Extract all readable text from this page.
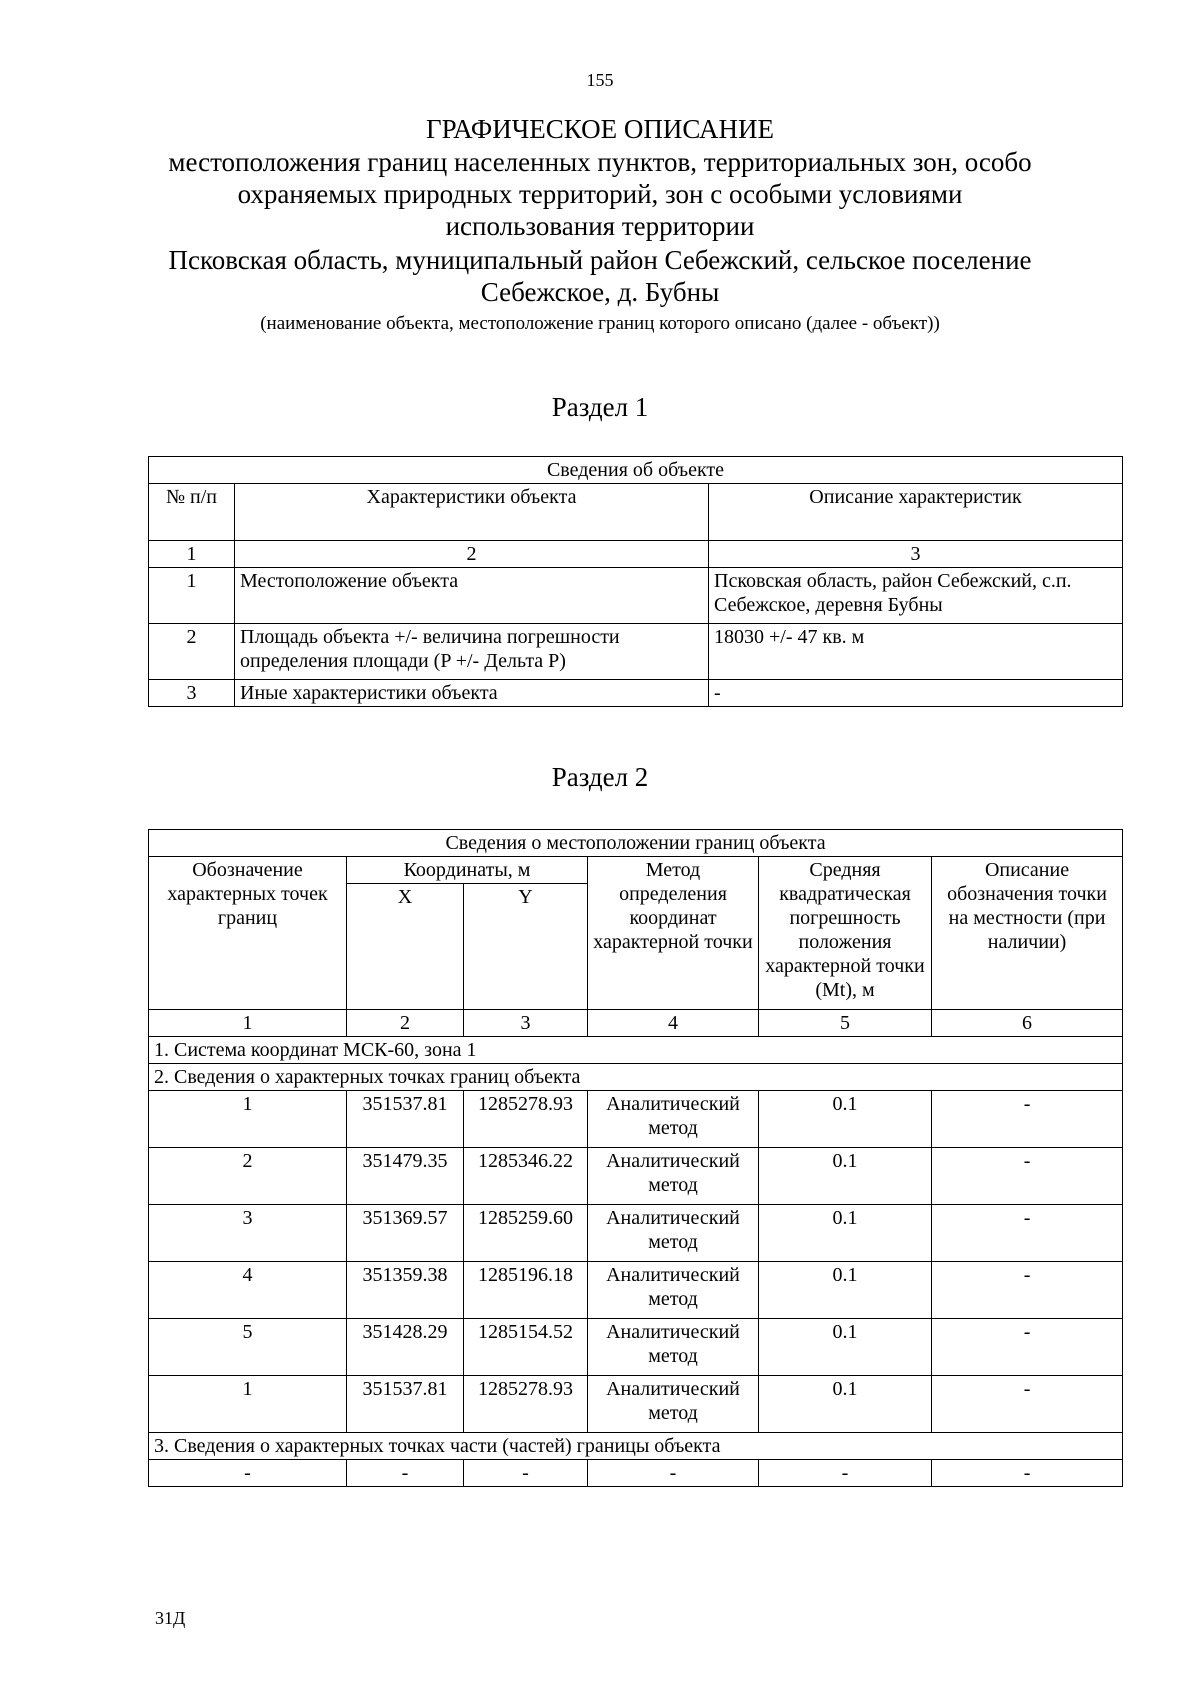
155
ГРАФИЧЕСКОЕ ОПИСАНИЕ
местоположения границ населенных пунктов, территориальных зон, особо
охраняемых природных территорий, зон с особыми условиями
использования территории
Псковская область, муниципальный район Себежский, сельское поселение
Себежское, д. Бубны
(наименование объекта, местоположение границ которого описано (далее - объект))
Раздел 1
Сведения об объекте		
№ п/п	Характеристики объекта	Описание характеристик
1	2	3
1	Местоположение объекта	Псковская область, район Себежский, с.п. Себежское, деревня Бубны
2	Площадь объекта +/- величина погрешности определения площади (P +/- Дельта P)	18030 +/- 47 кв. м
3	Иные характеристики объекта	-
Раздел 2
Сведения о местоположении границ объекта					
Обозначение характерных точек границ	Координаты, м		Метод определения координат характерной точки	Средняя квадратическая погрешность положения характерной точки (Mt), м	Описание обозначения точки на местности (при наличии)
	X	Y			
1	2	3	4	5	6
1. Система координат МСК-60, зона 1					
2. Сведения о характерных точках границ объекта					
1	351537.81	1285278.93	Аналитический метод	0.1	-
2	351479.35	1285346.22	Аналитический метод	0.1	-
3	351369.57	1285259.60	Аналитический метод	0.1	-
4	351359.38	1285196.18	Аналитический метод	0.1	-
5	351428.29	1285154.52	Аналитический метод	0.1	-
1	351537.81	1285278.93	Аналитический метод	0.1	-
3. Сведения о характерных точках части (частей) границы объекта					
-	-	-	-	-	-
31Д
